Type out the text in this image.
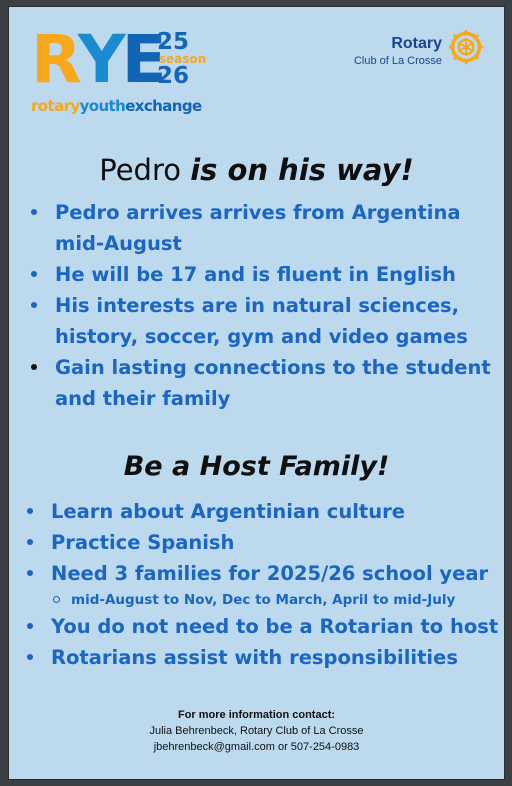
RYE
25
season
26
rotaryyouthexchange
Rotary
Club of La Crosse
Pedro is on his way!
Pedro arrives arrives from Argentina mid-August
He will be 17 and is fluent in English
His interests are in natural sciences, history, soccer, gym and video games
Gain lasting connections to the student and their family
Be a Host Family!
Learn about Argentinian culture
Practice Spanish
Need 3 families for 2025/26 school year
mid-August to Nov, Dec to March, April to mid-July
You do not need to be a Rotarian to host
Rotarians assist with responsibilities
For more information contact:
Julia Behrenbeck, Rotary Club of La Crosse
jbehrenbeck@gmail.com or 507-254-0983
